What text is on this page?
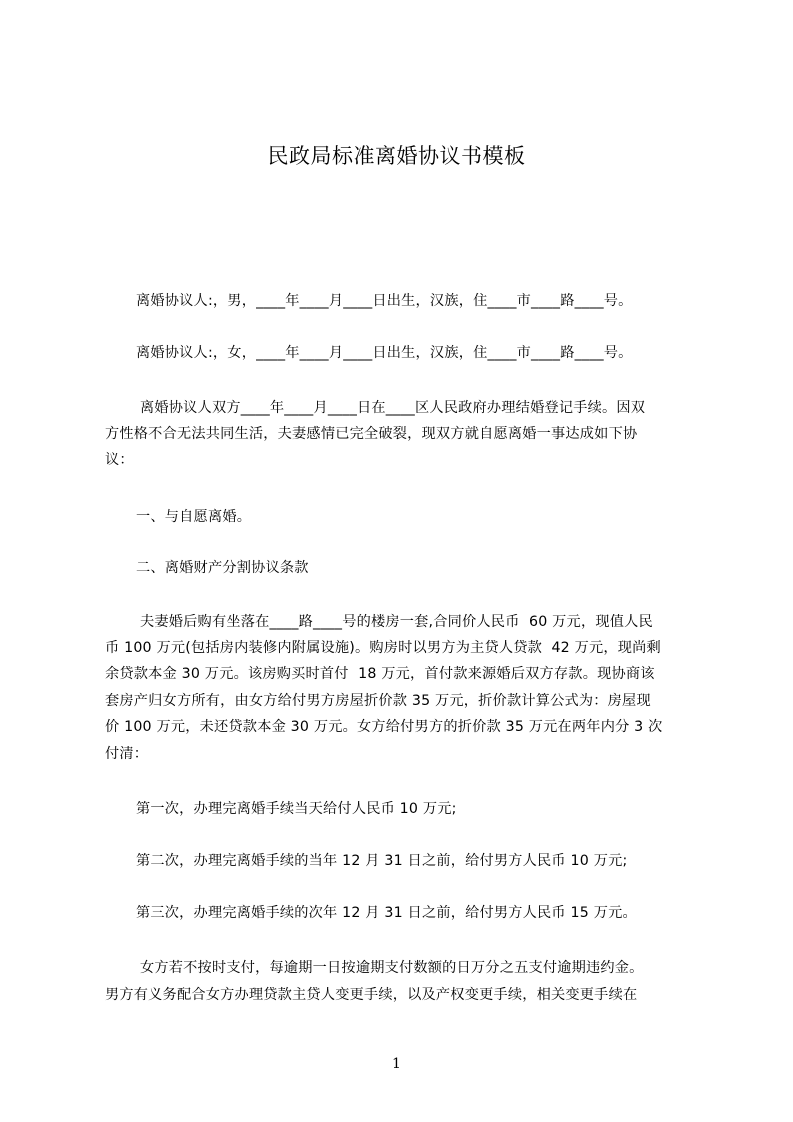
民政局标准离婚协议书模板
离婚协议人:，男，____年____月____日出生，汉族，住____市____路____号。
离婚协议人:，女，____年____月____日出生，汉族，住____市____路____号。
离婚协议人双方____年____月____日在____区人民政府办理结婚登记手续。因双
方性格不合无法共同生活，夫妻感情已完全破裂，现双方就自愿离婚一事达成如下协
议：
一、与自愿离婚。
二、离婚财产分割协议条款
夫妻婚后购有坐落在____路____号的楼房一套,合同价人民币  60 万元，现值人民
币 100 万元(包括房内装修内附属设施)。购房时以男方为主贷人贷款  42 万元，现尚剩
余贷款本金 30 万元。该房购买时首付  18 万元，首付款来源婚后双方存款。现协商该
套房产归女方所有，由女方给付男方房屋折价款 35 万元，折价款计算公式为：房屋现
价 100 万元，未还贷款本金 30 万元。女方给付男方的折价款 35 万元在两年内分 3 次
付清：
第一次，办理完离婚手续当天给付人民币 10 万元;
第二次，办理完离婚手续的当年 12 月 31 日之前，给付男方人民币 10 万元;
第三次，办理完离婚手续的次年 12 月 31 日之前，给付男方人民币 15 万元。
女方若不按时支付，每逾期一日按逾期支付数额的日万分之五支付逾期违约金。
男方有义务配合女方办理贷款主贷人变更手续，以及产权变更手续，相关变更手续在
1
